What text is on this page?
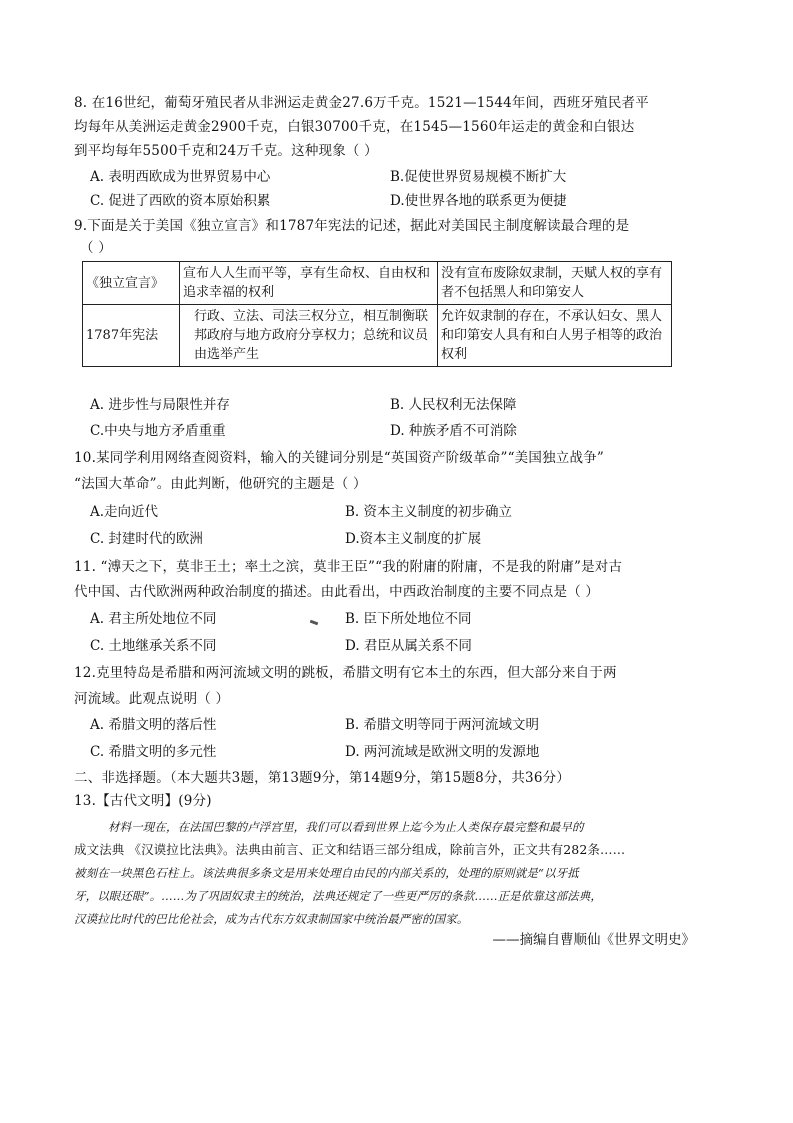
8. 在16世纪，葡萄牙殖民者从非洲运走黄金27.6万千克。1521—1544年间，西班牙殖民者平
均每年从美洲运走黄金2900千克，白银30700千克，在1545—1560年运走的黄金和白银达
到平均每年5500千克和24万千克。这种现象（ ）
A. 表明西欧成为世界贸易中心	B.促使世界贸易规模不断扩大
C. 促进了西欧的资本原始积累	D.使世界各地的联系更为便捷
9.下面是关于美国《独立宣言》和1787年宪法的记述，据此对美国民主制度解读最合理的是
（ ）
《独立宣言》	宣布人人生而平等，享有生命权、自由权和追求幸福的权利	没有宣布废除奴隶制，天赋人权的享有者不包括黑人和印第安人
1787年宪法	行政、立法、司法三权分立，相互制衡联邦政府与地方政府分享权力；总统和议员由选举产生	允许奴隶制的存在，不承认妇女、黑人和印第安人具有和白人男子相等的政治权利
A. 进步性与局限性并存	B. 人民权利无法保障
C.中央与地方矛盾重重	D. 种族矛盾不可消除
10.某同学利用网络查阅资料，输入的关键词分别是“英国资产阶级革命”“美国独立战争”
“法国大革命”。由此判断，他研究的主题是（ ）
A.走向近代	B. 资本主义制度的初步确立
C. 封建时代的欧洲	D.资本主义制度的扩展
11. “溥天之下，莫非王土；率土之滨，莫非王臣”“我的附庸的附庸，不是我的附庸”是对古
代中国、古代欧洲两种政治制度的描述。由此看出，中西政治制度的主要不同点是（ ）
A. 君主所处地位不同	B. 臣下所处地位不同
C. 土地继承关系不同	D. 君臣从属关系不同
12.克里特岛是希腊和两河流域文明的跳板，希腊文明有它本土的东西，但大部分来自于两
河流域。此观点说明（ ）
A. 希腊文明的落后性	B. 希腊文明等同于两河流域文明
C. 希腊文明的多元性	D. 两河流域是欧洲文明的发源地
二、非选择题。（本大题共3题，第13题9分，第14题9分，第15题8分，共36分）
13.【古代文明】(9分)
材料一现在，在法国巴黎的卢浮宫里，我们可以看到世界上迄今为止人类保存最完整和最早的
成文法典 《汉谟拉比法典》。法典由前言、正文和结语三部分组成，除前言外，正文共有282条……
被刻在一块黑色石柱上。该法典很多条文是用来处理自由民的内部关系的，处理的原则就是“以牙抵
牙，以眼还眼”。……为了巩固奴隶主的统治，法典还规定了一些更严厉的条款……正是依靠这部法典，
汉谟拉比时代的巴比伦社会，成为古代东方奴隶制国家中统治最严密的国家。
——摘编自曹顺仙《世界文明史》
